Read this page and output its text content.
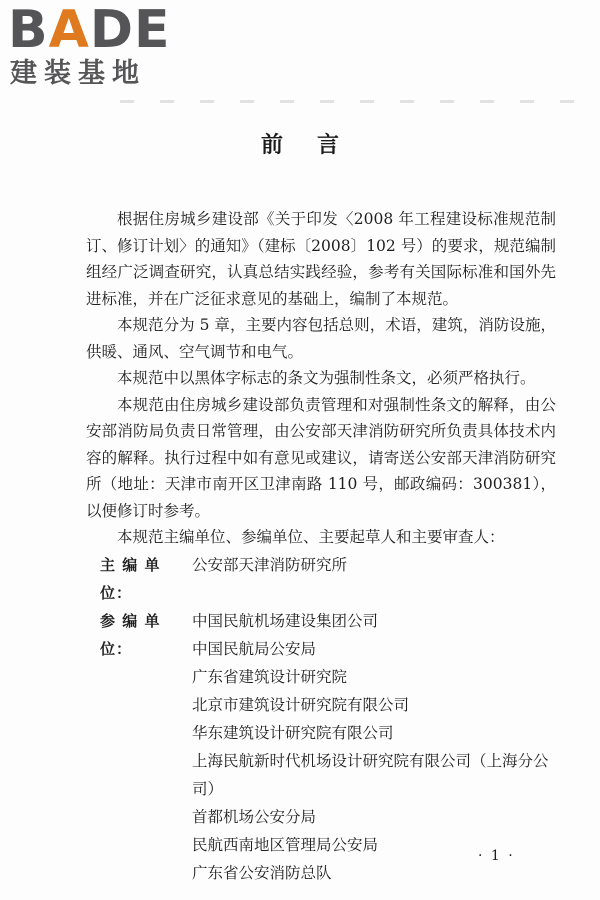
BADE
建装基地
前言

根据住房城乡建设部《关于印发〈2008 年工程建设标准规范制订、修订计划〉的通知》（建标〔2008〕102 号）的要求，规范编制组经广泛调查研究，认真总结实践经验，参考有关国际标准和国外先进标准，并在广泛征求意见的基础上，编制了本规范。

本规范分为 5 章，主要内容包括总则，术语，建筑，消防设施，供暖、通风、空气调节和电气。

本规范中以黑体字标志的条文为强制性条文，必须严格执行。

本规范由住房城乡建设部负责管理和对强制性条文的解释，由公安部消防局负责日常管理，由公安部天津消防研究所负责具体技术内容的解释。执行过程中如有意见或建议，请寄送公安部天津消防研究所（地址：天津市南开区卫津南路 110 号，邮政编码：300381），以便修订时参考。

本规范主编单位、参编单位、主要起草人和主要审查人：

主 编 单 位：
公安部天津消防研究所
参 编 单 位：
中国民航机场建设集团公司
中国民航局公安局
广东省建筑设计研究院
北京市建筑设计研究院有限公司
华东建筑设计研究院有限公司
上海民航新时代机场设计研究院有限公司（上海分公司）
首都机场公安分局
民航西南地区管理局公安局
广东省公安消防总队
· 1 ·
